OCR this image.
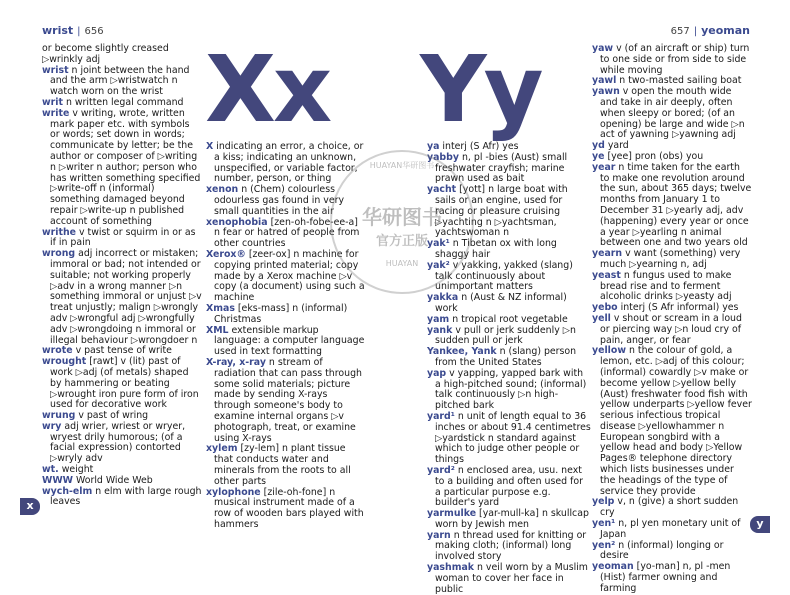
wrist | 656

or become slightly creased

▷wrinkly adj

wrist n joint between the hand and the arm ▷wristwatch n watch worn on the wrist

writ n written legal command

write v writing, wrote, written mark paper etc. with symbols or words; set down in words; communicate by letter; be the author or composer of ▷writing n ▷writer n author; person who has written something specified ▷write-off n (informal) something damaged beyond repair ▷write-up n published account of something

writhe v twist or squirm in or as if in pain

wrong adj incorrect or mistaken; immoral or bad; not intended or suitable; not working properly ▷adv in a wrong manner ▷n something immoral or unjust ▷v treat unjustly; malign ▷wrongly adv ▷wrongful adj ▷wrongfully adv ▷wrongdoing n immoral or illegal behaviour ▷wrongdoer n

wrote v past tense of write

wrought [rawt] v (lit) past of work ▷adj (of metals) shaped by hammering or beating ▷wrought iron pure form of iron used for decorative work

wrung v past of wring

wry adj wrier, wriest or wryer, wryest drily humorous; (of a facial expression) contorted ▷wryly adv

wt. weight

WWW World Wide Web

wych-elm n elm with large rough leaves

Xx

X indicating an error, a choice, or a kiss; indicating an unknown, unspecified, or variable factor, number, person, or thing

xenon n (Chem) colourless odourless gas found in very small quantities in the air

xenophobia [zen-oh-fobe-ee-a] n fear or hatred of people from other countries

Xerox® [zeer-ox] n machine for copying printed material; copy made by a Xerox machine ▷v copy (a document) using such a machine

Xmas [eks-mass] n (informal) Christmas

XML extensible markup language: a computer language used in text formatting

X-ray, x-ray n stream of radiation that can pass through some solid materials; picture made by sending X-rays through someone's body to examine internal organs ▷v photograph, treat, or examine using X-rays

xylem [zy-lem] n plant tissue that conducts water and minerals from the roots to all other parts

xylophone [zile-oh-fone] n musical instrument made of a row of wooden bars played with hammers

x
657 | yeoman
Yy

ya interj (S Afr) yes

yabby n, pl -bies (Aust) small freshwater crayfish; marine prawn used as bait

yacht [yott] n large boat with sails or an engine, used for racing or pleasure cruising ▷yachting n ▷yachtsman, yachtswoman n

yak¹ n Tibetan ox with long shaggy hair

yak² v yakking, yakked (slang) talk continuously about unimportant matters

yakka n (Aust & NZ informal) work

yam n tropical root vegetable

yank v pull or jerk suddenly ▷n sudden pull or jerk

Yankee, Yank n (slang) person from the United States

yap v yapping, yapped bark with a high-pitched sound; (informal) talk continuously ▷n high-pitched bark

yard¹ n unit of length equal to 36 inches or about 91.4 centimetres ▷yardstick n standard against which to judge other people or things

yard² n enclosed area, usu. next to a building and often used for a particular purpose e.g. builder's yard

yarmulke [yar-mull-ka] n skullcap worn by Jewish men

yarn n thread used for knitting or making cloth; (informal) long involved story

yashmak n veil worn by a Muslim woman to cover her face in public

yaw v (of an aircraft or ship) turn to one side or from side to side while moving

yawl n two-masted sailing boat

yawn v open the mouth wide and take in air deeply, often when sleepy or bored; (of an opening) be large and wide ▷n act of yawning ▷yawning adj

yd yard

ye [yee] pron (obs) you

year n time taken for the earth to make one revolution around the sun, about 365 days; twelve months from January 1 to December 31 ▷yearly adj, adv (happening) every year or once a year ▷yearling n animal between one and two years old

yearn v want (something) very much ▷yearning n, adj

yeast n fungus used to make bread rise and to ferment alcoholic drinks ▷yeasty adj

yebo interj (S Afr informal) yes

yell v shout or scream in a loud or piercing way ▷n loud cry of pain, anger, or fear

yellow n the colour of gold, a lemon, etc. ▷adj of this colour; (informal) cowardly ▷v make or become yellow ▷yellow belly (Aust) freshwater food fish with yellow underparts ▷yellow fever serious infectious tropical disease ▷yellowhammer n European songbird with a yellow head and body ▷Yellow Pages® telephone directory which lists businesses under the headings of the type of service they provide

yelp v, n (give) a short sudden cry

yen¹ n, pl yen monetary unit of Japan

yen² n (informal) longing or desire

yeoman [yo-man] n, pl -men (Hist) farmer owning and farming

y
HUAYAN华研图书
华研图书
官方正版
HUAYAN
